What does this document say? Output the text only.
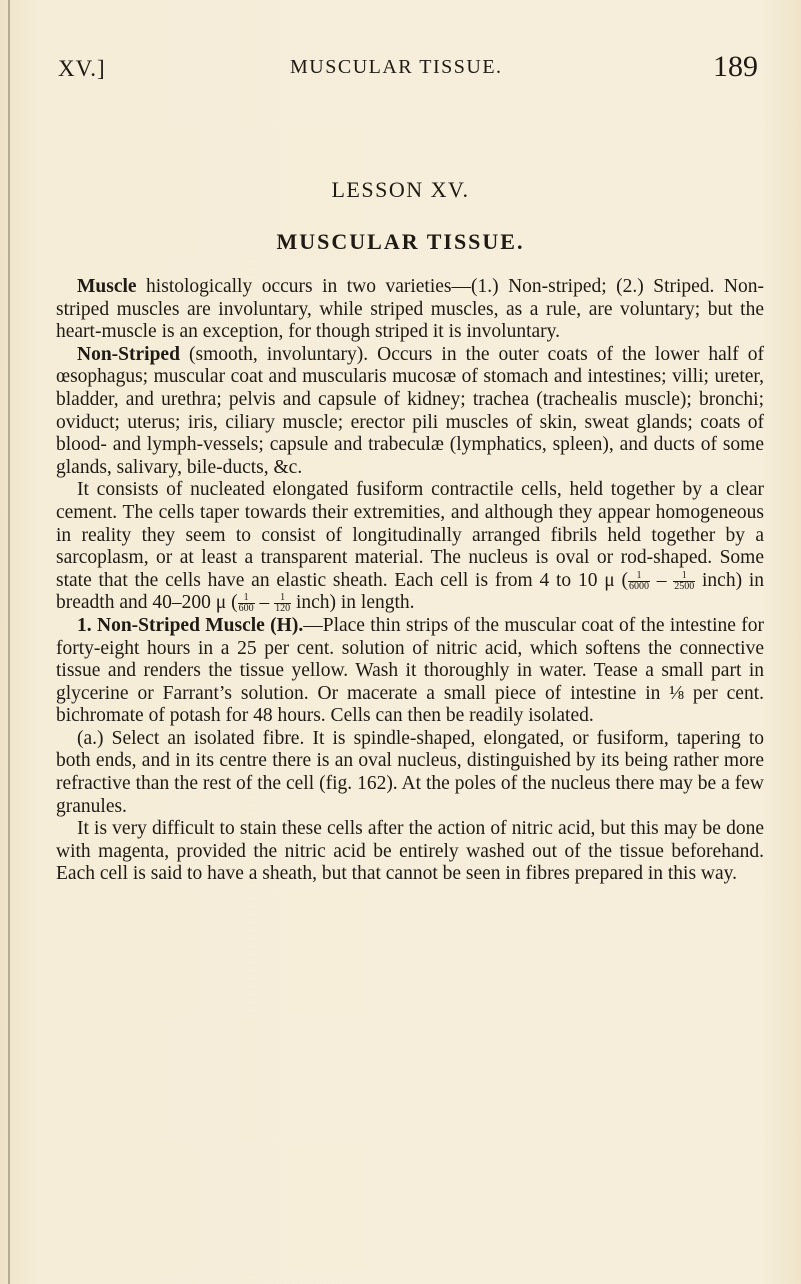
XV.]	MUSCULAR TISSUE.	189
LESSON XV.
MUSCULAR TISSUE.

Muscle histologically occurs in two varieties—(1.) Non-striped; (2.) Striped. Non-striped muscles are involuntary, while striped muscles, as a rule, are voluntary; but the heart-muscle is an exception, for though striped it is involuntary.

Non-Striped (smooth, involuntary). Occurs in the outer coats of the lower half of œsophagus; muscular coat and muscularis mucosæ of stomach and intestines; villi; ureter, bladder, and urethra; pelvis and capsule of kidney; trachea (trachealis muscle); bronchi; oviduct; uterus; iris, ciliary muscle; erector pili muscles of skin, sweat glands; coats of blood- and lymph-vessels; capsule and trabeculæ (lymphatics, spleen), and ducts of some glands, salivary, bile-ducts, &c.

It consists of nucleated elongated fusiform contractile cells, held together by a clear cement. The cells taper towards their extremities, and although they appear homogeneous in reality they seem to consist of longitudinally arranged fibrils held together by a sarcoplasm, or at least a transparent material. The nucleus is oval or rod-shaped. Some state that the cells have an elastic sheath. Each cell is from 4 to 10 μ ( $\frac{1}{6000} - \frac{1}{2500}$ inch) in breadth and 40–200 μ ( $\frac{1}{600} - \frac{1}{120}$ inch) in length.

1. Non-Striped Muscle (H).—Place thin strips of the muscular coat of the intestine for forty-eight hours in a 25 per cent. solution of nitric acid, which softens the connective tissue and renders the tissue yellow. Wash it thoroughly in water. Tease a small part in glycerine or Farrant’s solution. Or macerate a small piece of intestine in ⅛ per cent. bichromate of potash for 48 hours. Cells can then be readily isolated.

(a.) Select an isolated fibre. It is spindle-shaped, elongated, or fusiform, tapering to both ends, and in its centre there is an oval nucleus, distinguished by its being rather more refractive than the rest of the cell (fig. 162). At the poles of the nucleus there may be a few granules.

It is very difficult to stain these cells after the action of nitric acid, but this may be done with magenta, provided the nitric acid be entirely washed out of the tissue beforehand. Each cell is said to have a sheath, but that cannot be seen in fibres prepared in this way.
